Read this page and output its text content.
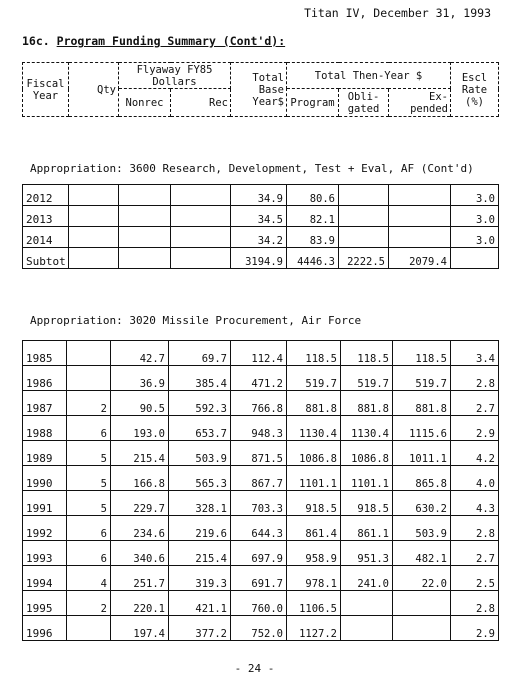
Titan IV, December 31, 1993
16c. Program Funding Summary (Cont'd):
Fiscal Year	Qty	Flyaway FY85 Dollars		Total Base Year$	Total Then-Year $			Escl Rate (%)
		Nonrec	Rec		Program	Obli- gated	Ex- pended	
Appropriation: 3600 Research, Development, Test + Eval, AF (Cont'd)
2012				34.9	80.6			3.0
2013				34.5	82.1			3.0
2014				34.2	83.9			3.0
Subtot				3194.9	4446.3	2222.5	2079.4	
Appropriation: 3020 Missile Procurement, Air Force
1985		42.7	69.7	112.4	118.5	118.5	118.5	3.4
1986		36.9	385.4	471.2	519.7	519.7	519.7	2.8
1987	2	90.5	592.3	766.8	881.8	881.8	881.8	2.7
1988	6	193.0	653.7	948.3	1130.4	1130.4	1115.6	2.9
1989	5	215.4	503.9	871.5	1086.8	1086.8	1011.1	4.2
1990	5	166.8	565.3	867.7	1101.1	1101.1	865.8	4.0
1991	5	229.7	328.1	703.3	918.5	918.5	630.2	4.3
1992	6	234.6	219.6	644.3	861.4	861.1	503.9	2.8
1993	6	340.6	215.4	697.9	958.9	951.3	482.1	2.7
1994	4	251.7	319.3	691.7	978.1	241.0	22.0	2.5
1995	2	220.1	421.1	760.0	1106.5			2.8
1996		197.4	377.2	752.0	1127.2			2.9
- 24 -
